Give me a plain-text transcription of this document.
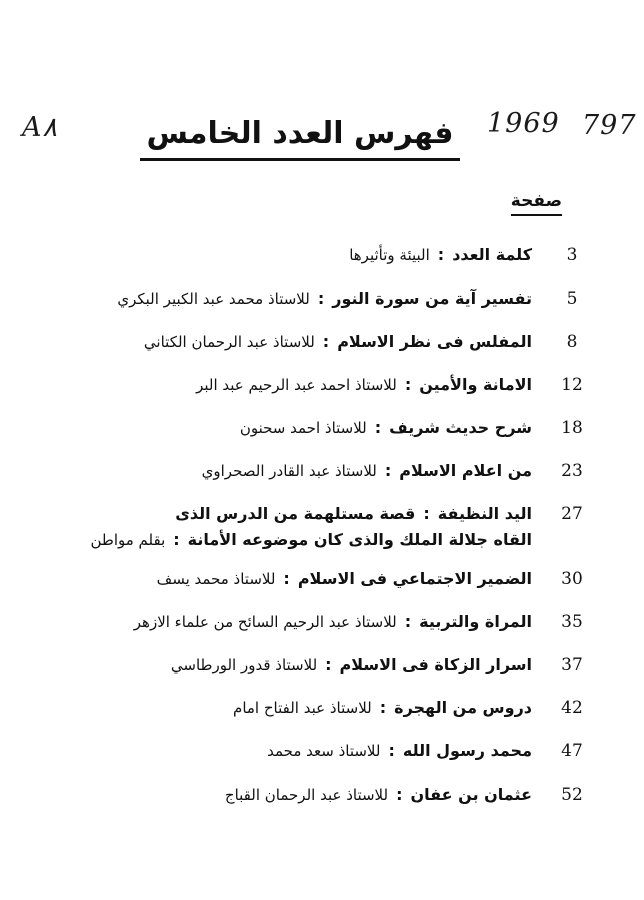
A۸	1969 797
فهرس العدد الخامس
صفحة
3
كلمة العدد
:
البيئة وتأثيرها
5
تفسير آية من سورة النور
:
للاستاذ محمد عبد الكبير البكري
8
المفلس فى نظر الاسلام
:
للاستاذ عبد الرحمان الكتاني
12
الامانة والأمين
:
للاستاذ احمد عبد الرحيم عبد البر
18
شرح حديث شريف
:
للاستاذ احمد سحنون
23
من اعلام الاسلام
:
للاستاذ عبد القادر الصحراوي
27
اليد النظيفة
:
قصة مستلهمة من الدرس الذى
القاه جلالة الملك والذى كان موضوعه الأمانة
:
بقلم مواطن
30
الضمير الاجتماعي فى الاسلام
:
للاستاذ محمد يسف
35
المراة والتربية
:
للاستاذ عبد الرحيم السائح من علماء الازهر
37
اسرار الزكاة فى الاسلام
:
للاستاذ قدور الورطاسي
42
دروس من الهجرة
:
للاستاذ عبد الفتاح امام
47
محمد رسول الله
:
للاستاذ سعد محمد
52
عثمان بن عفان
:
للاستاذ عبد الرحمان القباج
